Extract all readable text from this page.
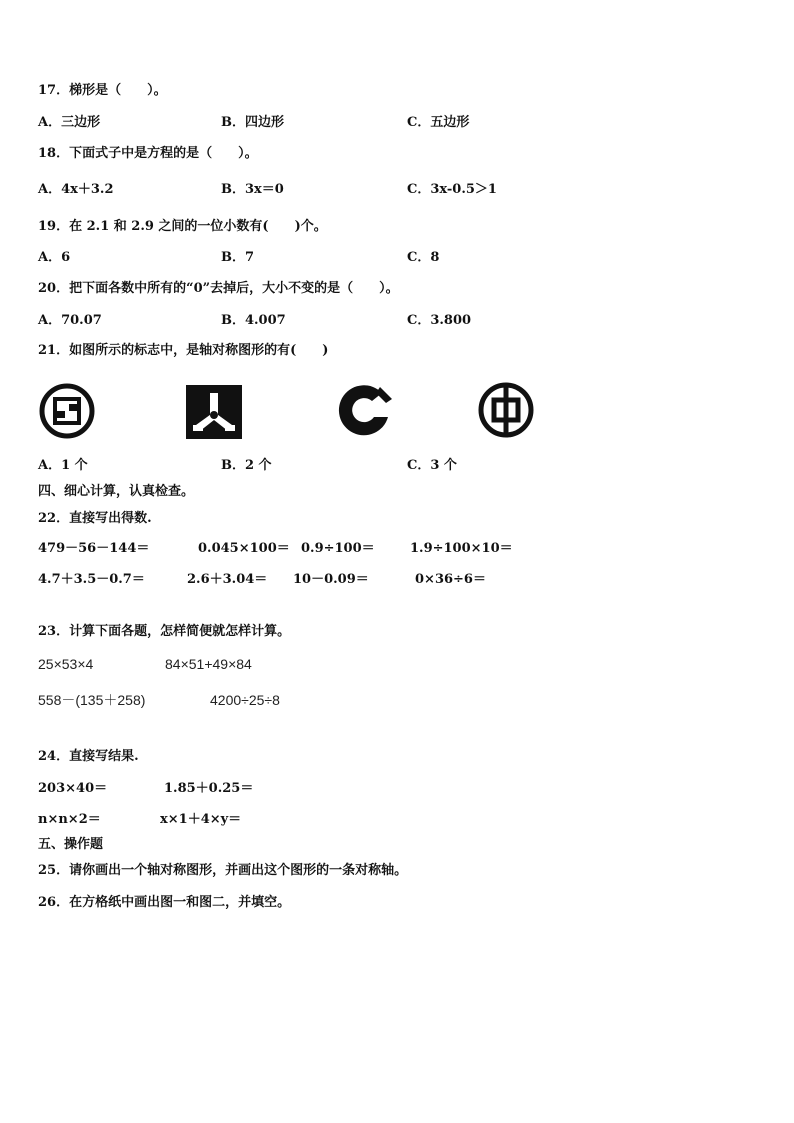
17．梯形是（　　）。
A．三边形	B．四边形	C．五边形
18．下面式子中是方程的是（　　）。
A．4x＋3.2	B．3x＝0	C．3x-0.5＞1
19．在 2.1 和 2.9 之间的一位小数有(　　)个。
A．6	B．7	C．8
20．把下面各数中所有的“0”去掉后，大小不变的是（　　）。
A．70.07	B．4.007	C．3.800
21．如图所示的标志中，是轴对称图形的有(　　)
A．1 个	B．2 个	C．3 个
四、细心计算，认真检查。
22．直接写出得数.
479－56－144＝	0.045×100＝ 0.9÷100＝	1.9÷100×10＝
4.7＋3.5－0.7＝	2.6＋3.04＝ 10－0.09＝	0×36÷6＝
23．计算下面各题，怎样简便就怎样计算。
25×53×4	84×51+49×84
558－(135＋258)	4200÷25÷8
24．直接写结果.
203×40＝	1.85＋0.25＝
n×n×2＝	x×1＋4×y＝
五、操作题
25．请你画出一个轴对称图形，并画出这个图形的一条对称轴。
26．在方格纸中画出图一和图二，并填空。
